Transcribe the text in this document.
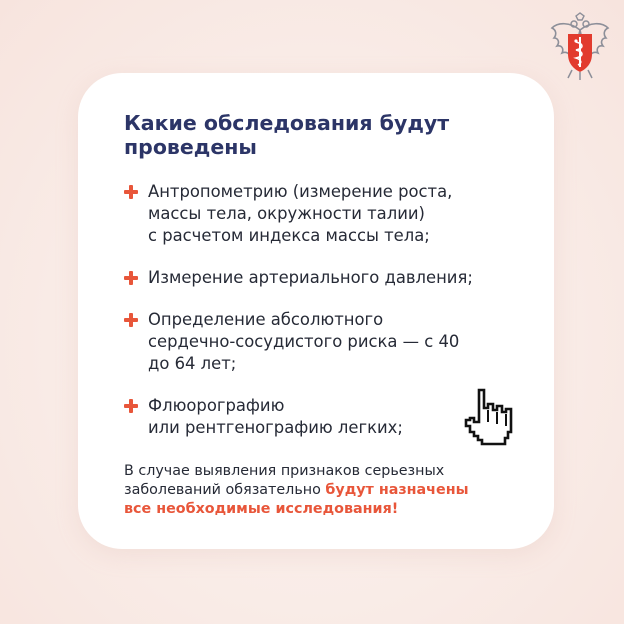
Какие обследования будут
проведены
Антропометрию (измерение роста,
массы тела, окружности талии)
с расчетом индекса массы тела;
Измерение артериального давления;
Определение абсолютного
сердечно-сосудистого риска — с 40
до 64 лет;
Флюорографию
или рентгенографию легких;
В случае выявления признаков серьезных
заболеваний обязательно будут назначены
все необходимые исследования!
